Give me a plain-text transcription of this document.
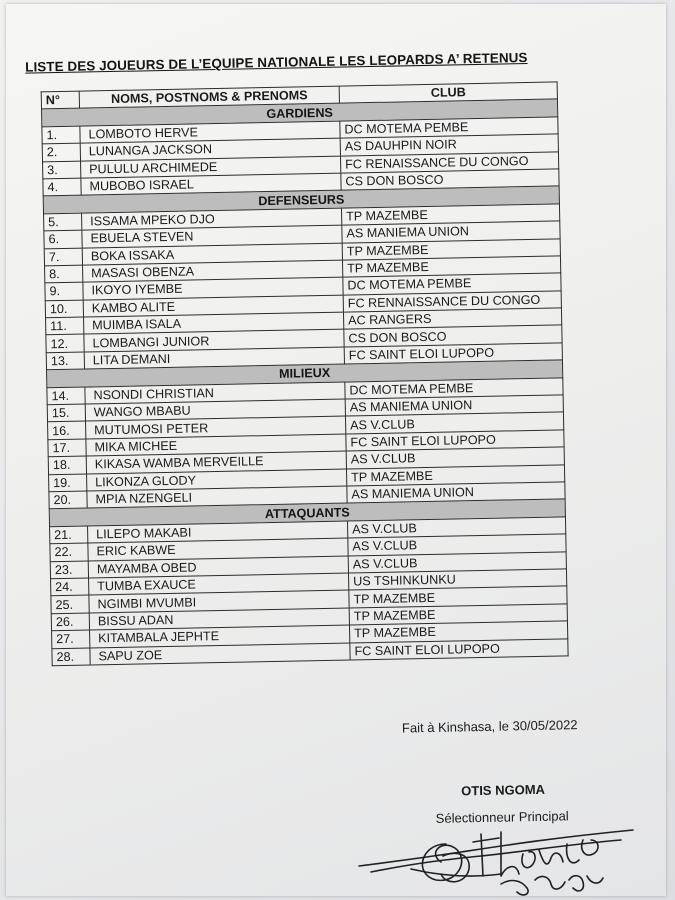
LISTE DES JOUEURS DE L’EQUIPE NATIONALE LES LEOPARDS A’ RETENUS
N°	NOMS, POSTNOMS & PRENOMS	CLUB
GARDIENS		
1.	LOMBOTO HERVE	DC MOTEMA PEMBE
2.	LUNANGA JACKSON	AS DAUHPIN NOIR
3.	PULULU ARCHIMEDE	FC RENAISSANCE DU CONGO
4.	MUBOBO ISRAEL	CS DON BOSCO
DEFENSEURS		
5.	ISSAMA MPEKO DJO	TP MAZEMBE
6.	EBUELA STEVEN	AS MANIEMA UNION
7.	BOKA ISSAKA	TP MAZEMBE
8.	MASASI OBENZA	TP MAZEMBE
9.	IKOYO IYEMBE	DC MOTEMA PEMBE
10.	KAMBO ALITE	FC RENNAISSANCE DU CONGO
11.	MUIMBA ISALA	AC RANGERS
12.	LOMBANGI JUNIOR	CS DON BOSCO
13.	LITA DEMANI	FC SAINT ELOI LUPOPO
MILIEUX		
14.	NSONDI CHRISTIAN	DC MOTEMA PEMBE
15.	WANGO MBABU	AS MANIEMA UNION
16.	MUTUMOSI PETER	AS V.CLUB
17.	MIKA MICHEE	FC SAINT ELOI LUPOPO
18.	KIKASA WAMBA MERVEILLE	AS V.CLUB
19.	LIKONZA GLODY	TP MAZEMBE
20.	MPIA NZENGELI	AS MANIEMA UNION
ATTAQUANTS		
21.	LILEPO MAKABI	AS V.CLUB
22.	ERIC KABWE	AS V.CLUB
23.	MAYAMBA OBED	AS V.CLUB
24.	TUMBA EXAUCE	US TSHINKUNKU
25.	NGIMBI MVUMBI	TP MAZEMBE
26.	BISSU ADAN	TP MAZEMBE
27.	KITAMBALA JEPHTE	TP MAZEMBE
28.	SAPU ZOE	FC SAINT ELOI LUPOPO
Fait à Kinshasa, le 30/05/2022
OTIS NGOMA
Sélectionneur Principal
